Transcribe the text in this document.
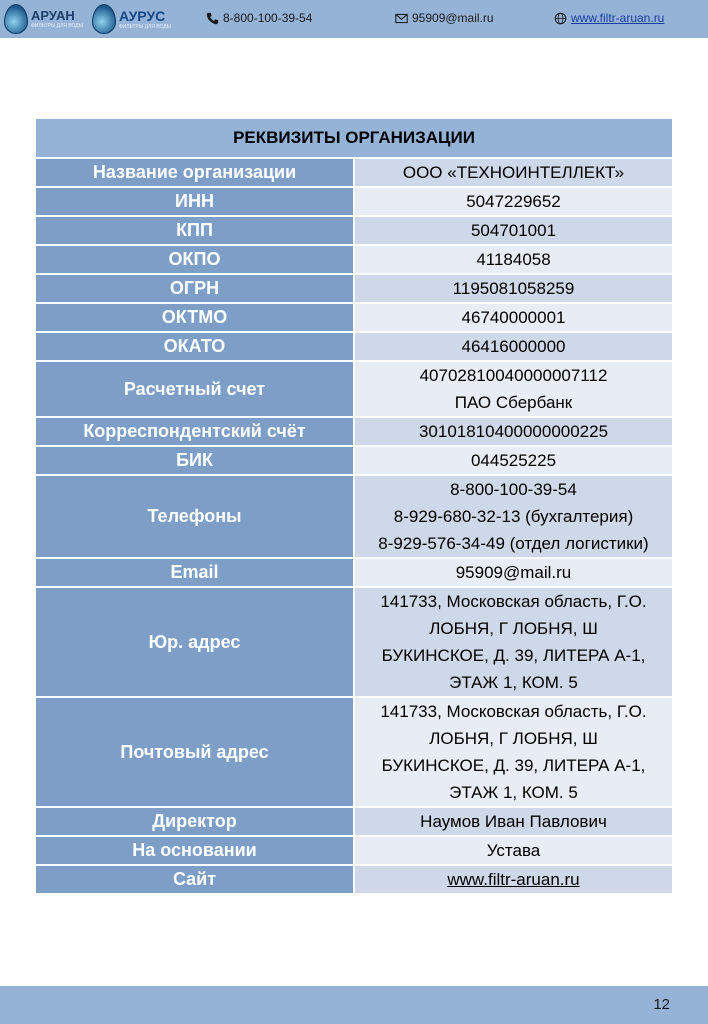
АРУАН
ФИЛЬТРЫ ДЛЯ ВОДЫ
АУРУС
ФИЛЬТРЫ ДЛЯ ВОДЫ
8-800-100-39-54	95909@mail.ru	www.filtr-aruan.ru
РЕКВИЗИТЫ ОРГАНИЗАЦИИ	
Название организации	ООО «ТЕХНОИНТЕЛЛЕКТ»

ИНН	5047229652

КПП	504701001

ОКПО	41184058

ОГРН	1195081058259

ОКТМО	46740000001

ОКАТО	46416000000

Расчетный счет	40702810040000007112
ПАО Сбербанк

Корреспондентский счёт	30101810400000000225

БИК	044525225

Телефоны	8-800-100-39-54
8-929-680-32-13 (бухгалтерия)
8-929-576-34-49 (отдел логистики)

Email	95909@mail.ru

Юр. адрес	141733, Московская область, Г.О.
ЛОБНЯ, Г ЛОБНЯ, Ш
БУКИНСКОЕ, Д. 39, ЛИТЕРА А-1,
ЭТАЖ 1, КОМ. 5

Почтовый адрес	141733, Московская область, Г.О.
ЛОБНЯ, Г ЛОБНЯ, Ш
БУКИНСКОЕ, Д. 39, ЛИТЕРА А-1,
ЭТАЖ 1, КОМ. 5

Директор	Наумов Иван Павлович

На основании	Устава

Сайт	www.filtr-aruan.ru
12
